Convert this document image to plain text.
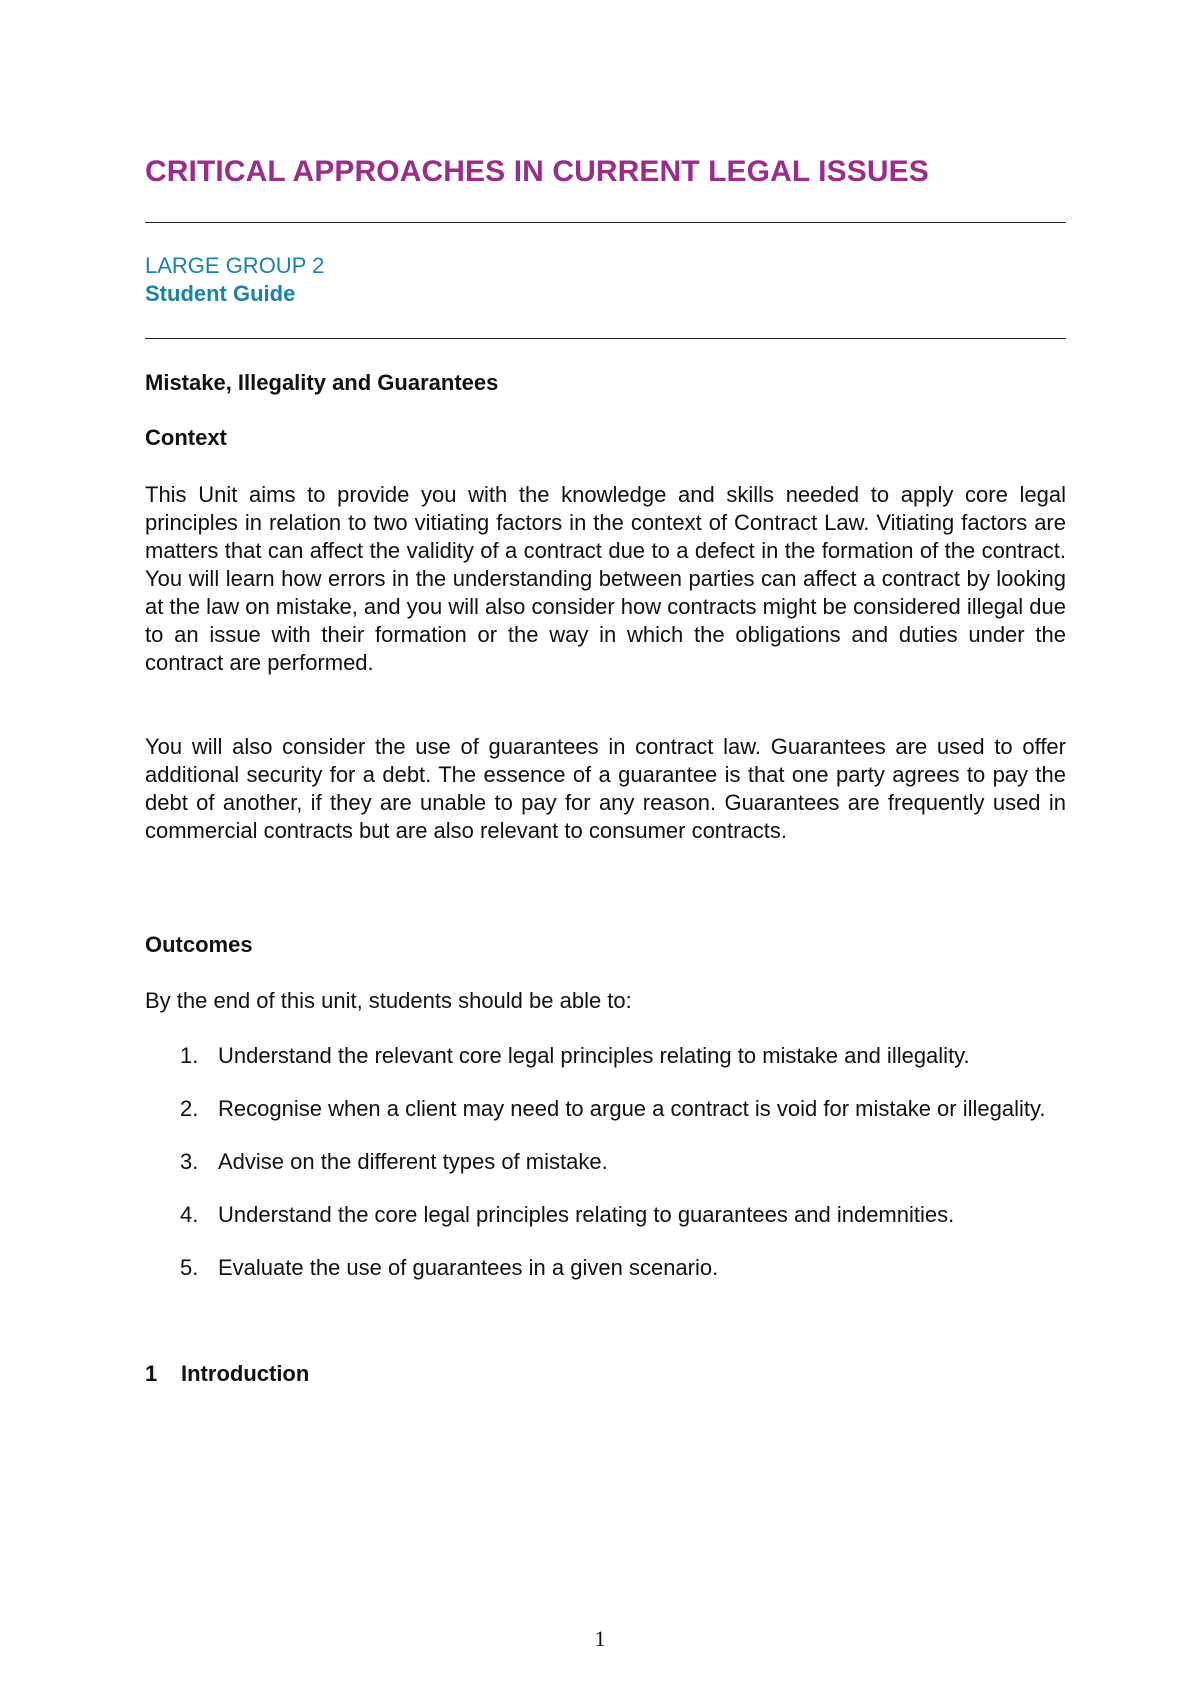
CRITICAL APPROACHES IN CURRENT LEGAL ISSUES
LARGE GROUP 2
Student Guide
Mistake, Illegality and Guarantees
Context

This Unit aims to provide you with the knowledge and skills needed to apply core legal principles in relation to two vitiating factors in the context of Contract Law. Vitiating factors are matters that can affect the validity of a contract due to a defect in the formation of the contract. You will learn how errors in the understanding between parties can affect a contract by looking at the law on mistake, and you will also consider how contracts might be considered illegal due to an issue with their formation or the way in which the obligations and duties under the contract are performed.

You will also consider the use of guarantees in contract law. Guarantees are used to offer additional security for a debt. The essence of a guarantee is that one party agrees to pay the debt of another, if they are unable to pay for any reason. Guarantees are frequently used in commercial contracts but are also relevant to consumer contracts.

Outcomes

By the end of this unit, students should be able to:

1. Understand the relevant core legal principles relating to mistake and illegality.
2. Recognise when a client may need to argue a contract is void for mistake or illegality.
3. Advise on the different types of mistake.
4. Understand the core legal principles relating to guarantees and indemnities.
5. Evaluate the use of guarantees in a given scenario.
1 Introduction
1
